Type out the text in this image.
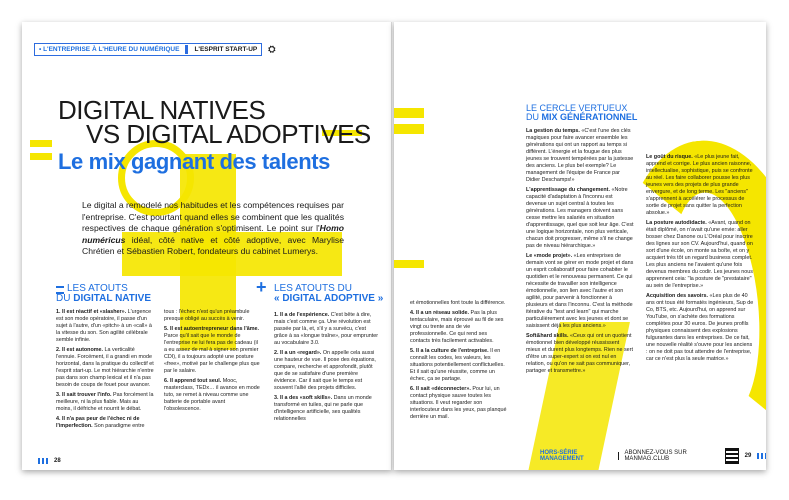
• L'ENTREPRISE À L'HEURE DU NUMÉRIQUE L'ESPRIT START-UP ⛭
DIGITAL NATIVES
VS DIGITAL ADOPTIVES
Le mix gagnant des talents
Le digital a remodelé nos habitudes et les compétences requises par l'entreprise. C'est pourtant quand elles se combinent que les qualités respectives de chaque génération s'optimisent. Le point sur l'Homo numéricus idéal, côté native et côté adoptive, avec Marylise Chrétien et Sébastien Robert, fondateurs du cabinet Lumerys.
LES ATOUTS
DU DIGITAL NATIVE

1. Il est réactif et «slasher». L'urgence est son mode opératoire, il passe d'un sujet à l'autre, d'un «pitch» à un «call» à la vitesse du son. Son agilité célébrale semble infinie.

2. Il est autonome. La verticalité l'ennuie. Forcément, il a grandi en mode horizontal, dans la pratique du collectif et l'esprit start-up. Le mot hiérarchie n'entre pas dans son champ lexical et il n'a pas besoin de coups de fouet pour avancer.

3. Il sait trouver l'info. Pas forcément la meilleure, ni la plus fiable. Mais au moins, il défriche et nourrit le débat.

4. Il n'a pas peur de l'échec ni de l'imperfection. Son paradigme entre

tous : l'échec n'est qu'un préambule presque obligé au succès à venir.

5. Il est autoentrepreneur dans l'âme. Parce qu'il sait que le monde de l'entreprise ne lui fera pas de cadeau (il a eu assez de mal à signer son premier CDI), il a toujours adopté une posture «free», motivé par le challenge plus que par le salaire.

6. Il apprend tout seul. Mooc, masterclass, TEDx… il avance en mode tuto, se remet à niveau comme une batterie de portable avant l'obsolescence.

+ LES ATOUTS DU
« DIGITAL ADOPTIVE »

1. Il a de l'expérience. C'est bête à dire, mais c'est comme ça. Une révolution est passée par là, et, s'il y a survécu, c'est grâce à sa «longue traîne», pour emprunter au vocabulaire 3.0.

2. Il a un «regard». On appelle cela aussi une hauteur de vue. Il pose des équations, compare, recherche et approfondit, plutôt que de se satisfaire d'une première évidence. Car il sait que le temps est souvent l'allié des projets difficiles.

3. Il a des «soft skills». Dans un monde transformé en tuiles, qui ne parle que d'intelligence artificielle, ses qualités relationnelles

28

et émotionnelles font toute la différence.

4. Il a un réseau solide. Pas la plus tentaculaire, mais éprouvé au fil de ses vingt ou trente ans de vie professionnelle. Ce qui rend ses contacts très facilement activables.

5. Il a la culture de l'entreprise. Il en connaît les codes, les valeurs, les situations potentiellement conflictuelles. Et il sait qu'une réussite, comme un échec, ça se partage.

6. Il sait «déconnecter». Pour lui, un contact physique sauve toutes les situations. Il veut regarder son interlocuteur dans les yeux, pas planqué derrière un mail.

LE CERCLE VERTUEUX
DU MIX GÉNÉRATIONNEL

La gestion du temps. «C'est l'une des clés magiques pour faire avancer ensemble les générations qui ont un rapport au temps si différent. L'énergie et la fougue des plus jeunes se trouvent tempérées par la justesse des anciens. Le plus bel exemple? Le management de l'équipe de France par Didier Deschamps!»

L'apprentissage du changement. «Notre capacité d'adaptation à l'inconnu est devenue un sujet central à toutes les générations. Les managers doivent sans cesse mettre les salariés en situation d'apprentissage, quel que soit leur âge. C'est une logique horizontale, non plus verticale, chacun doit progresser, même s'il ne change pas de niveau hiérarchique.»

Le «mode projet». «Les entreprises de demain vont se gérer en mode projet et dans un esprit collaboratif pour faire cohabiter le quotidien et le renouveau permanent. Ce qui nécessite de travailler son intelligence émotionnelle, son lien avec l'autre et son agilité, pour parvenir à fonctionner à plusieurs et dans l'inconnu. C'est la méthode itérative du "test and learn" qui marche particulièrement avec les jeunes et dont se saisissent déjà les plus anciens.»

Soft&hard skills. «Ceux qui ont un quotient émotionnel bien développé réussissent mieux et durent plus longtemps. Rien ne sert d'être un super-expert si on est nul en relation, ou qu'on ne sait pas communiquer, partager et transmettre.»

Le goût du risque. «Le plus jeune fait, apprend et corrige. Le plus ancien raisonne, intellectualise, sophistique, puis se confronte au réel. Les faire collaborer pousse les plus jeunes vers des projets de plus grande envergure, et de long terme. Les "anciens" s'apprennent à accélérer le processus de sortie de projet sans quitter la perfection absolue.»

La posture autodidacte. «Avant, quand on était diplômé, on n'avait qu'une envie: aller bosser chez Danone ou L'Oréal pour inscrire des lignes sur son CV. Aujourd'hui, quand on sort d'une école, on monte sa boîte, et on y acquiert très tôt un regard business complet. Les plus anciens ne l'avaient qu'une fois devenus membres du codir. Les jeunes nous apprennent ceia: "la posture de "prestataire" au sein de l'entreprise.»

Acquisition des savoirs. «Les plus de 40 ans ont tous été formatés ingénieurs, Sup de Co, BTS, etc. Aujourd'hui, on apprend sur YouTube, on s'achète des formations complètes pour 30 euros. De jeunes profils physiques connaissent des explosions fulgurantes dans les entreprises. De ce fait, une nouvelle réalité s'ouvre pour les anciens : on ne doit pas tout attendre de l'entreprise, car ce n'est plus la seule matrice.»

HORS-SÉRIE MANAGEMENT
ABONNEZ-VOUS SUR MANMAG.CLUB	29
